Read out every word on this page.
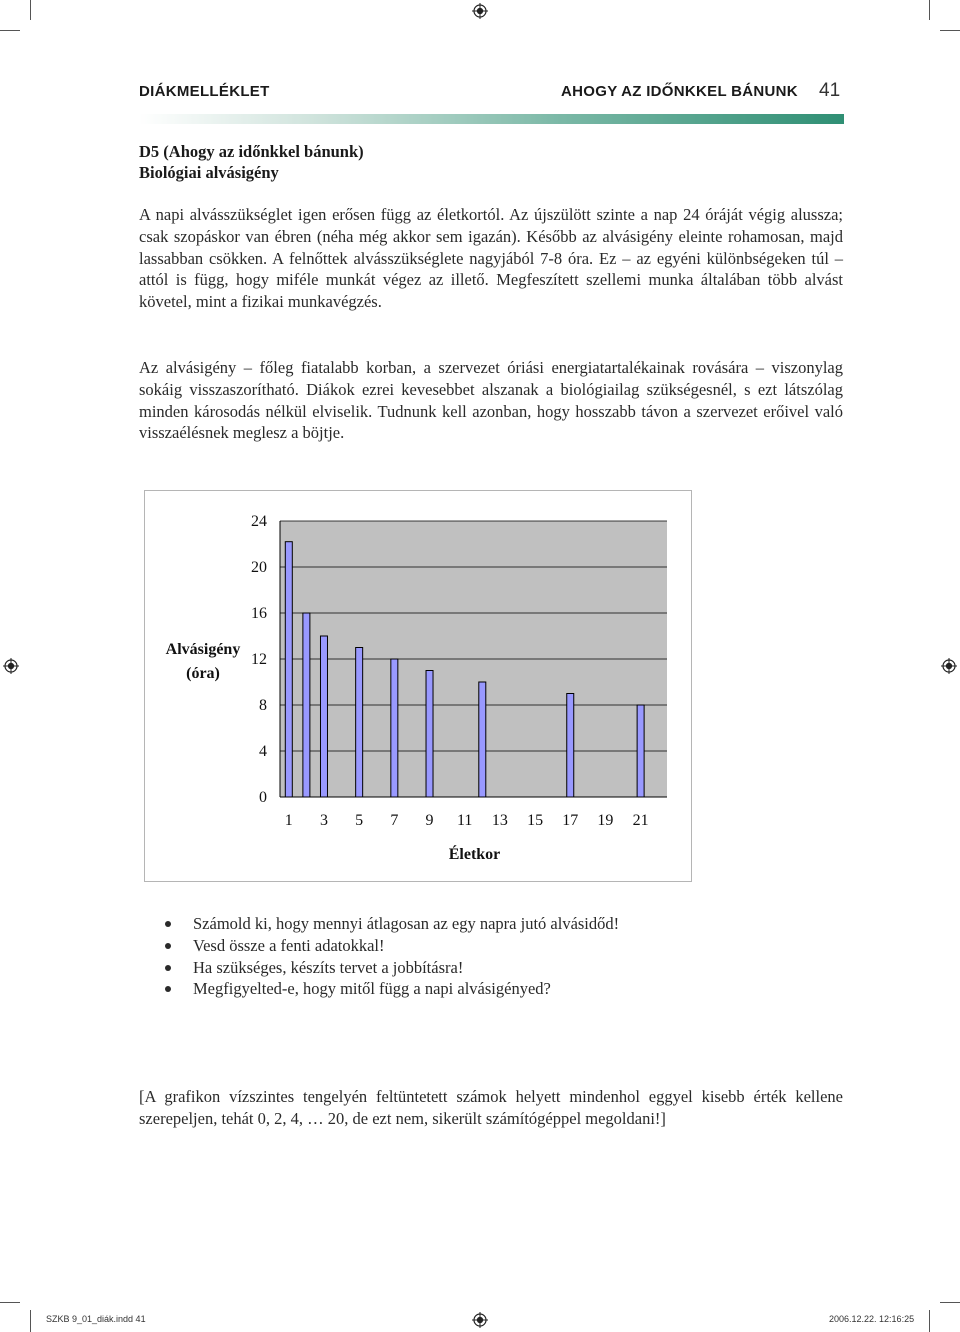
DIÁKMELLÉKLET	AHOGY AZ IDŐNKKEL BÁNUNK 41
D5 (Ahogy az időnkkel bánunk)
Biológiai alvásigény
A napi alvásszükséglet igen erősen függ az életkortól. Az újszülött szinte a nap 24 óráját végig alussza; csak szopáskor van ébren (néha még akkor sem igazán). Később az alvásigény eleinte rohamosan, majd lassabban csökken. A felnőttek alvásszükséglete nagyjából 7-8 óra. Ez – az egyéni különbségeken túl – attól is függ, hogy miféle munkát végez az illető. Megfeszített szellemi munka általában több alvást követel, mint a fizikai munkavégzés.
Az alvásigény – főleg fiatalabb korban, a szervezet óriási energiatartalékainak rovására – viszonylag sokáig visszaszorítható. Diákok ezrei kevesebbet alszanak a biológiailag szükségesnél, s ezt látszólag minden károsodás nélkül elviselik. Tudnunk kell azonban, hogy hosszabb távon a szervezet erőivel való visszaélésnek meglesz a böjtje.
0
4
8
12
16
20
24
1 3 5 7 9 11 13 15 17 19 21
Alvásigény
(óra)
Életkor
Számold ki, hogy mennyi átlagosan az egy napra jutó alvásidőd!
Vesd össze a fenti adatokkal!
Ha szükséges, készíts tervet a jobbításra!
Megfigyelted-e, hogy mitől függ a napi alvásigényed?
[A grafikon vízszintes tengelyén feltüntetett számok helyett mindenhol eggyel kisebb érték kellene szerepeljen, tehát 0, 2, 4, … 20, de ezt nem, sikerült számítógéppel megoldani!]
SZKB 9_01_diák.indd 41	2006.12.22. 12:16:25
